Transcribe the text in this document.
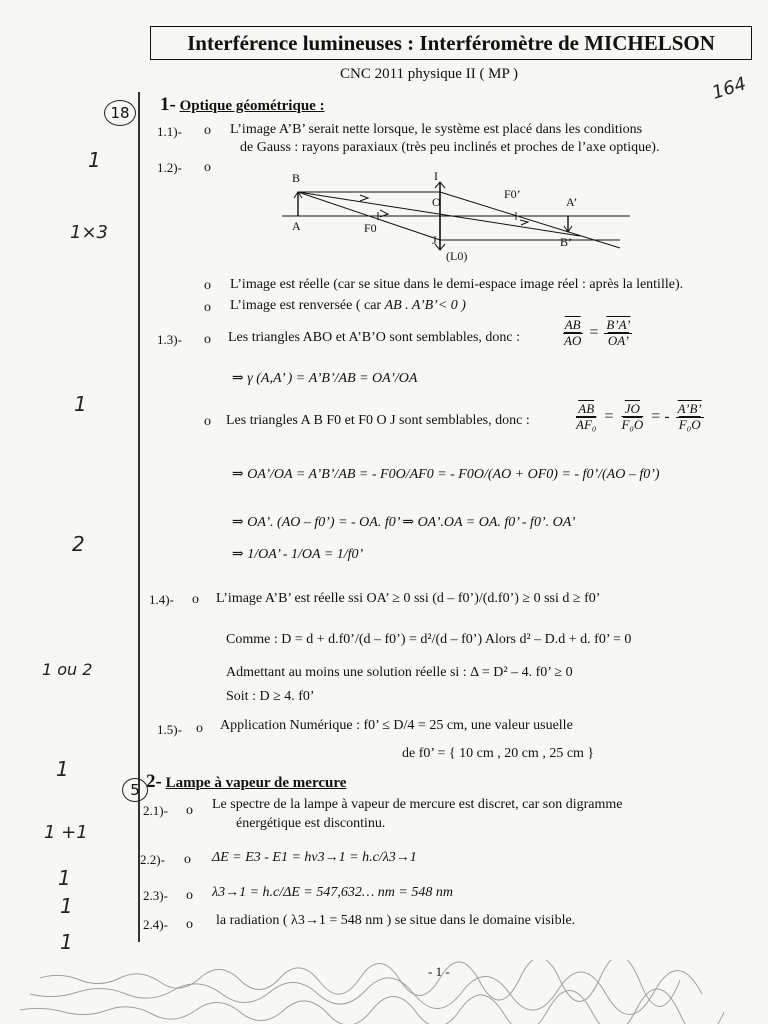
Interférence lumineuses : Interféromètre de MICHELSON
CNC 2011 physique II ( MP )	164
18
5
1
1×3
1
2
1 ou 2
1
1 +1
1
1
1
1- Optique géométrique :
1.1)- o L’image A’B’ serait nette lorsque, le système est placé dans les conditions
de Gauss : rayons paraxiaux (très peu inclinés et proches de l’axe optique).
1.2)- o
B
A
I
O
J
F0
F0’
A’
B’
(L0)
o L’image est réelle (car se situe dans le demi-espace image réel : après la lentille).
o L’image est renversée ( car AB . A’B’< 0 )
1.3)- o Les triangles ABO et A’B’O sont semblables, donc :	$\frac{\overline{AB}}{AO} = \frac{B’A’}{OA’}$
⇒ γ (A,A’ ) = A’B’/AB = OA’/OA
o Les triangles A B F0 et F0 O J sont semblables, donc :	$\frac{\overline{AB}}{\text{AF₀}} = \frac{\overline{JO}}{\text{F₀O}}$ = - $\frac{A’B’}{\text{F₀O}}$
⇒ OA’/OA = A’B’/AB = - F0O/AF0 = - F0O/(AO + OF0) = - f0’/(AO – f0’)
⇒ OA’. (AO – f0’) = - OA. f0’ ⇒ OA’.OA = OA. f0’ - f0’. OA’
⇒ 1/OA’ - 1/OA = 1/f0’
1.4)- o L’image A’B’ est réelle ssi OA’ ≥ 0 ssi (d – f0’)/(d.f0’) ≥ 0 ssi d ≥ f0’
Comme : D = d + d.f0’/(d – f0’) = d²/(d – f0’) Alors d² – D.d + d. f0’ = 0
Admettant au moins une solution réelle si : Δ = D² – 4. f0’ ≥ 0
Soit : D ≥ 4. f0’
1.5)- o Application Numérique : f0’ ≤ D/4 = 25 cm, une valeur usuelle
de f0’ = { 10 cm , 20 cm , 25 cm }
2- Lampe à vapeur de mercure
2.1)- o Le spectre de la lampe à vapeur de mercure est discret, car son digramme
énergétique est discontinu.
2.2)- o ΔE = E3 - E1 = hν3→1 = h.c/λ3→1
2.3)- o λ3→1 = h.c/ΔE = 547,632… nm = 548 nm
2.4)- o la radiation ( λ3→1 = 548 nm ) se situe dans le domaine visible.
- 1 -
